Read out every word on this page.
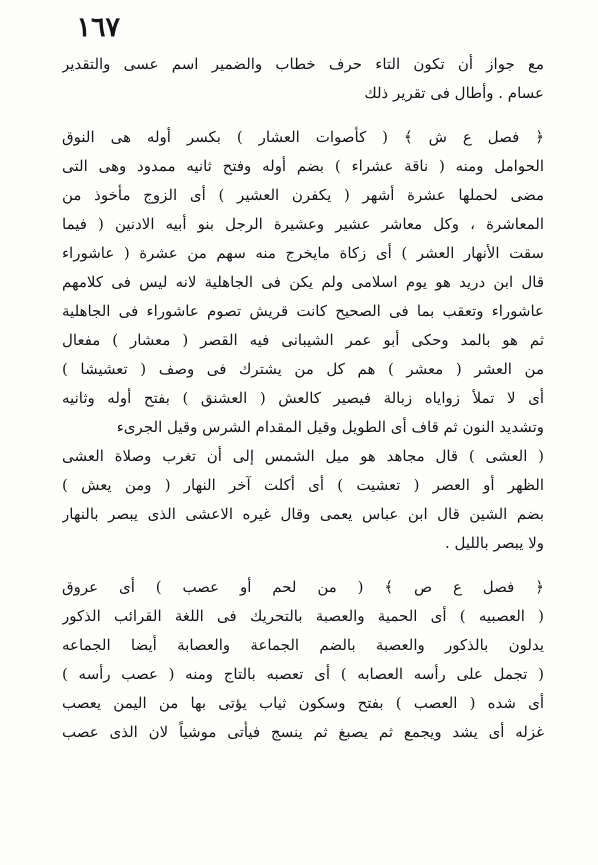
١٦٧
مع جواز أن تكون التاء حرف خطاب والضمير اسم عسى والتقدير
عسام . وأطال فى تقرير ذلك
﴿ فصل ع ش ﴾ ( كأصوات العشار ) بكسر أوله هى النوق
الحوامل ومنه ( ناقة عشراء ) بضم أوله وفتح ثانيه ممدود وهى التى
مضى لحملها عشرة أشهر ( يكفرن العشير ) أى الزوج مأخوذ من
المعاشرة ، وكل معاشر عشير وعشيرة الرجل بنو أبيه الادنين ( فيما
سقت الأنهار العشر ) أى زكاة مايخرج منه سهم من عشرة ( عاشوراء
قال ابن دريد هو يوم اسلامى ولم يكن فى الجاهلية لانه ليس فى كلامهم
عاشوراء وتعقب بما فى الصحيح كانت قريش تصوم عاشوراء فى الجاهلية
ثم هو بالمد وحكى أبو عمر الشيبانى فيه القصر ( معشار ) مفعال
من العشر ( معشر ) هم كل من يشترك فى وصف ( تعشيشا )
أى لا تملأ زواياه زبالة فيصير كالعش ( العشنق ) بفتح أوله وثانيه
وتشديد النون ثم قاف أى الطويل وقيل المقدام الشرس وقيل الجرىء
( العشى ) قال مجاهد هو ميل الشمس إلى أن تغرب وصلاة العشى
الظهر أو العصر ( تعشيت ) أى أكلت آخر النهار ( ومن يعش )
بضم الشين قال ابن عباس يعمى وقال غيره الاعشى الذى يبصر بالنهار
ولا يبصر بالليل .
﴿ فصل ع ص ﴾ ( من لحم أو عصب ) أى عروق
( العصبيه ) أى الحمية والعصبة بالتحريك فى اللغة القرائب الذكور
يدلون بالذكور والعصبة بالضم الجماعة والعصابة أيضا الجماعه
( تجمل على رأسه العصابه ) أى تعصبه بالتاج ومنه ( عصب رأسه )
أى شده ( العصب ) بفتح وسكون ثياب يؤتى بها من اليمن يعصب
غزله أى يشد ويجمع ثم يصبغ ثم ينسج فيأتى موشياً لان الذى عصب
